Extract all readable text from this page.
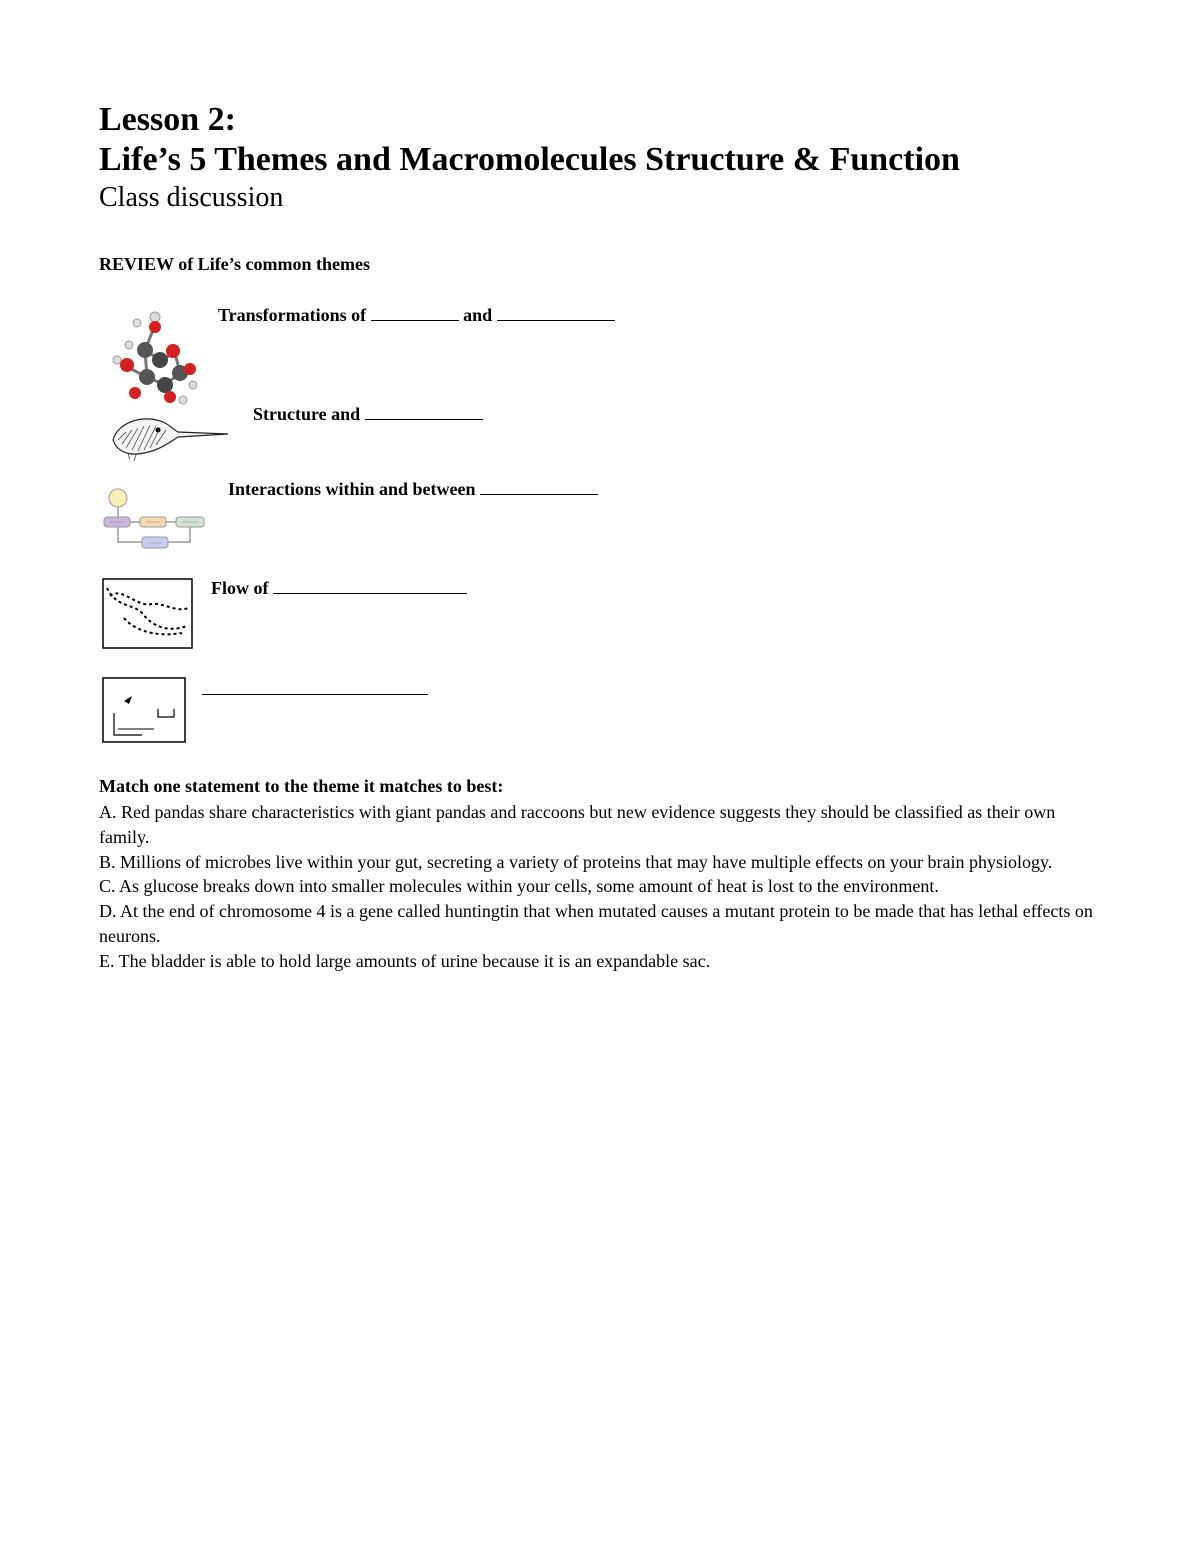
Lesson 2:
Life’s 5 Themes and Macromolecules Structure & Function
Class discussion
REVIEW of Life’s common themes
Transformations of	and
Structure and
Interactions within and between
Flow of
Match one statement to the theme it matches to best:

A. Red pandas share characteristics with giant pandas and raccoons but new evidence suggests they should be classified as their own family.

B. Millions of microbes live within your gut, secreting a variety of proteins that may have multiple effects on your brain physiology.

C. As glucose breaks down into smaller molecules within your cells, some amount of heat is lost to the environment.

D. At the end of chromosome 4 is a gene called huntingtin that when mutated causes a mutant protein to be made that has lethal effects on neurons.

E. The bladder is able to hold large amounts of urine because it is an expandable sac.
